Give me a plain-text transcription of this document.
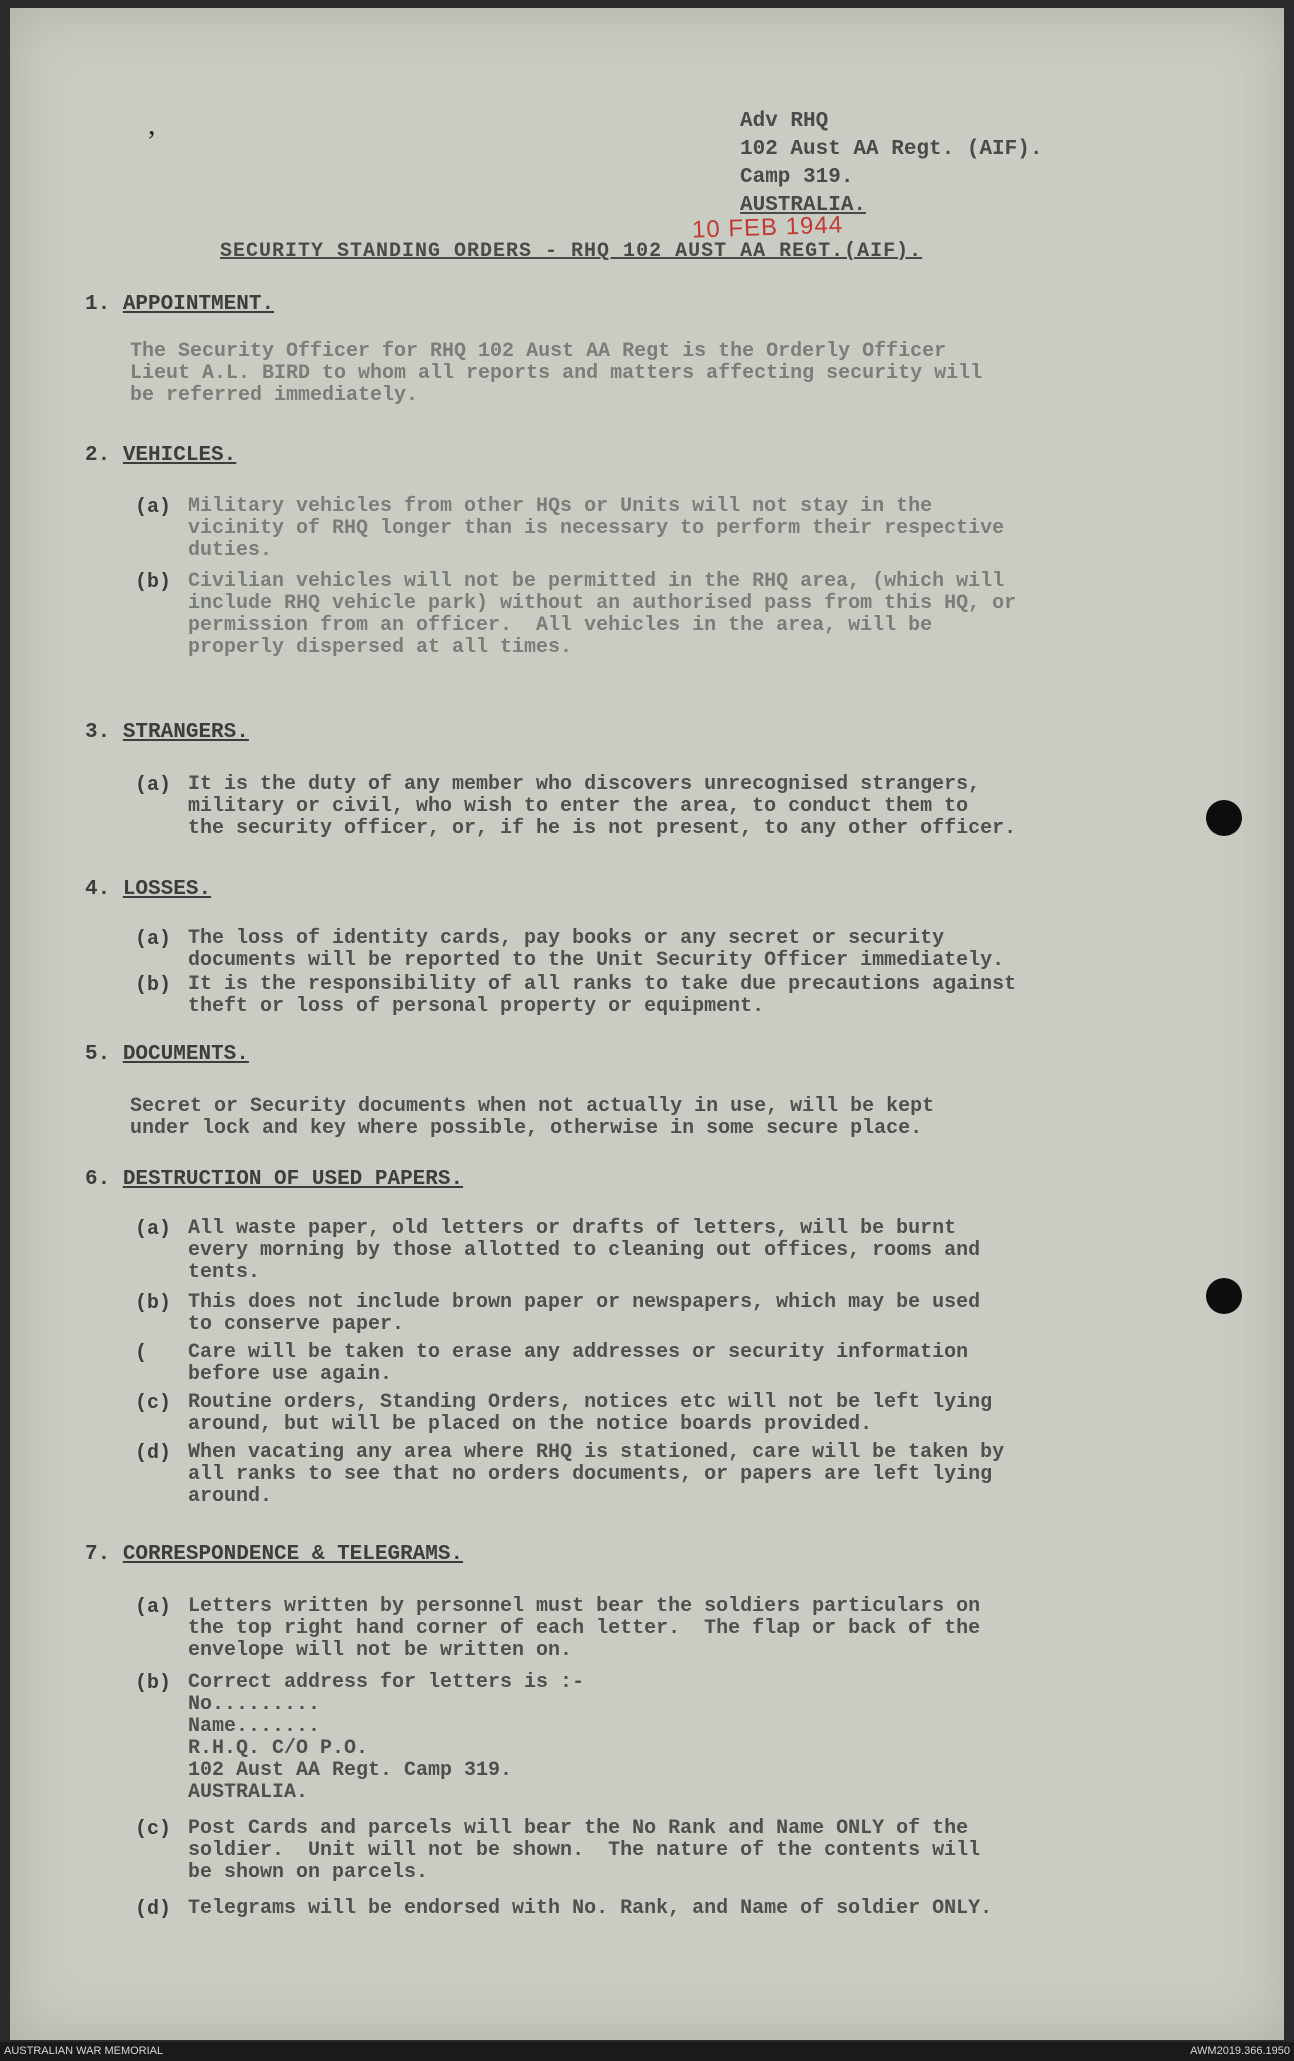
,	Adv RHQ
102 Aust AA Regt. (AIF).
Camp 319.
AUSTRALIA.
10 FEB 1944
SECURITY STANDING ORDERS - RHQ 102 AUST AA REGT.(AIF).
1. APPOINTMENT.
The Security Officer for RHQ 102 Aust AA Regt is the Orderly Officer
Lieut A.L. BIRD to whom all reports and matters affecting security will
be referred immediately.
2. VEHICLES.
(a) Military vehicles from other HQs or Units will not stay in the
vicinity of RHQ longer than is necessary to perform their respective
duties.
(b) Civilian vehicles will not be permitted in the RHQ area, (which will
include RHQ vehicle park) without an authorised pass from this HQ, or
permission from an officer.  All vehicles in the area, will be
properly dispersed at all times.
3. STRANGERS.
(a) It is the duty of any member who discovers unrecognised strangers,
military or civil, who wish to enter the area, to conduct them to
the security officer, or, if he is not present, to any other officer.
4. LOSSES.
(a) The loss of identity cards, pay books or any secret or security
documents will be reported to the Unit Security Officer immediately.
(b) It is the responsibility of all ranks to take due precautions against
theft or loss of personal property or equipment.
5. DOCUMENTS.
Secret or Security documents when not actually in use, will be kept
under lock and key where possible, otherwise in some secure place.
6. DESTRUCTION OF USED PAPERS.
(a) All waste paper, old letters or drafts of letters, will be burnt
every morning by those allotted to cleaning out offices, rooms and
tents.
(b) This does not include brown paper or newspapers, which may be used
to conserve paper.
( Care will be taken to erase any addresses or security information
before use again.
(c) Routine orders, Standing Orders, notices etc will not be left lying
around, but will be placed on the notice boards provided.
(d) When vacating any area where RHQ is stationed, care will be taken by
all ranks to see that no orders documents, or papers are left lying
around.
7. CORRESPONDENCE & TELEGRAMS.
(a) Letters written by personnel must bear the soldiers particulars on
the top right hand corner of each letter.  The flap or back of the
envelope will not be written on.
(b) Correct address for letters is :-
No.........
Name.......
R.H.Q. C/O P.O.
102 Aust AA Regt. Camp 319.
AUSTRALIA.
(c) Post Cards and parcels will bear the No Rank and Name ONLY of the
soldier.  Unit will not be shown.  The nature of the contents will
be shown on parcels.
(d) Telegrams will be endorsed with No. Rank, and Name of soldier ONLY.
AUSTRALIAN WAR MEMORIAL	AWM2019.366.1950
